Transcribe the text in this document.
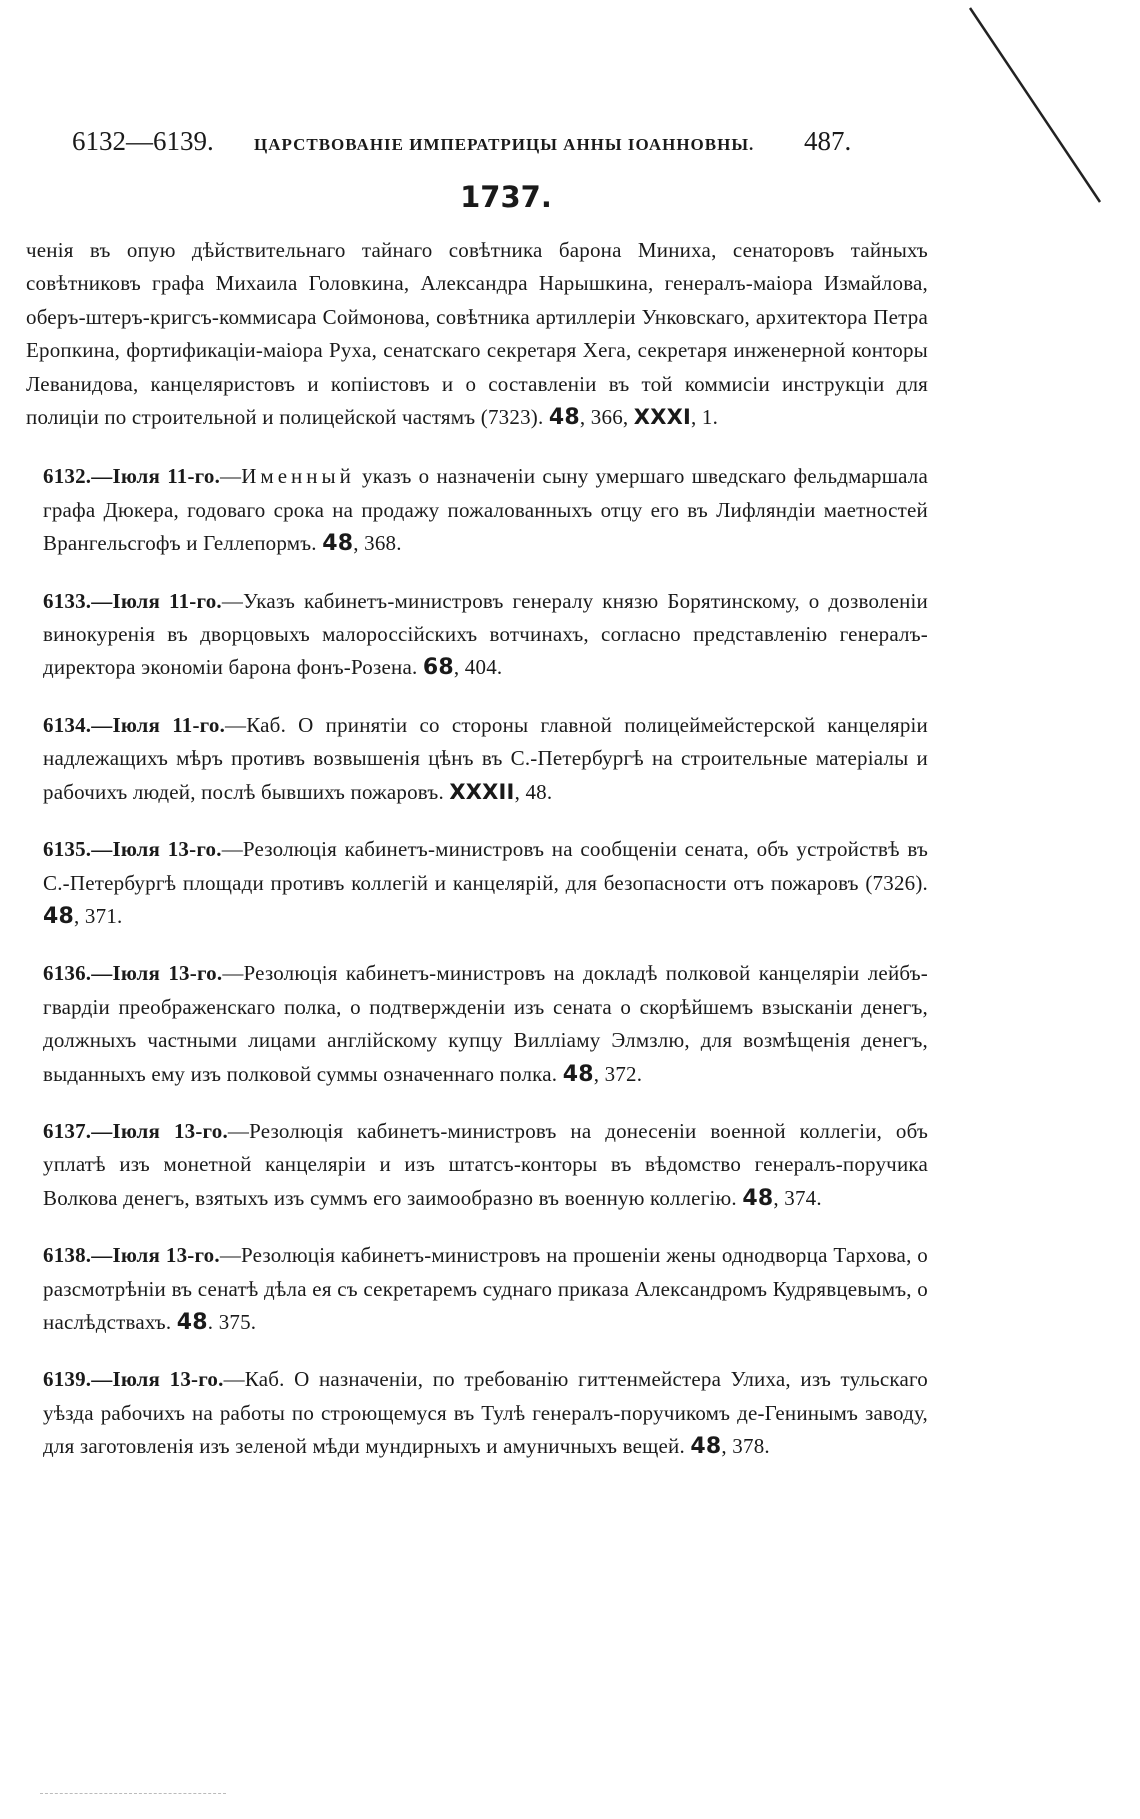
6132—6139. ЦАРСТВОВАНІЕ ИМПЕРАТРИЦЫ АННЫ ІОАННОВНЫ. 487.
1737.

ченія въ опую дѣйствительнаго тайнаго совѣтника барона Миниха, сенаторовъ тайныхъ совѣтниковъ графа Михаила Головкина, Александра Нарышкина, генералъ-маіора Измайлова, оберъ-штеръ-кригсъ-коммисара Соймонова, совѣтника артиллеріи Унковскаго, архитектора Петра Еропкина, фортификаціи-маіора Руха, сенатскаго секретаря Хега, секретаря инженерной конторы Леванидова, канцеляристовъ и копіистовъ и о составленіи въ той коммисіи инструкціи для полиціи по строительной и полицейской частямъ (7323). 48, 366, XXXI, 1.

6132.—Іюля 11-го.—Именный указъ о назначеніи сыну умершаго шведскаго фельдмаршала графа Дюкера, годоваго срока на продажу пожалованныхъ отцу его въ Лифляндіи маетностей Врангельсгофъ и Геллепормъ. 48, 368.

6133.—Іюля 11-го.—Указъ кабинетъ-министровъ генералу князю Борятинскому, о дозволеніи винокуренія въ дворцовыхъ малороссійскихъ вотчинахъ, согласно представленію генералъ-директора экономіи барона фонъ-Розена. 68, 404.

6134.—Іюля 11-го.—Каб. О принятіи со стороны главной полицеймейстерской канцеляріи надлежащихъ мѣръ противъ возвышенія цѣнъ въ С.-Петербургѣ на строительные матеріалы и рабочихъ людей, послѣ бывшихъ пожаровъ. XXXII, 48.

6135.—Іюля 13-го.—Резолюція кабинетъ-министровъ на сообщеніи сената, объ устройствѣ въ С.-Петербургѣ площади противъ коллегій и канцелярій, для безопасности отъ пожаровъ (7326). 48, 371.

6136.—Іюля 13-го.—Резолюція кабинетъ-министровъ на докладѣ полковой канцеляріи лейбъ-гвардіи преображенскаго полка, о подтвержденіи изъ сената о скорѣйшемъ взысканіи денегъ, должныхъ частными лицами англійскому купцу Вилліаму Элмзлю, для возмѣщенія денегъ, выданныхъ ему изъ полковой суммы означеннаго полка. 48, 372.

6137.—Іюля 13-го.—Резолюція кабинетъ-министровъ на донесеніи военной коллегіи, объ уплатѣ изъ монетной канцеляріи и изъ штатсъ-конторы въ вѣдомство генералъ-поручика Волкова денегъ, взятыхъ изъ суммъ его заимообразно въ военную коллегію. 48, 374.

6138.—Іюля 13-го.—Резолюція кабинетъ-министровъ на прошеніи жены однодворца Тархова, о разсмотрѣніи въ сенатѣ дѣла ея съ секретаремъ суднаго приказа Александромъ Кудрявцевымъ, о наслѣдствахъ. 48. 375.

6139.—Іюля 13-го.—Каб. О назначеніи, по требованію гиттенмейстера Улиха, изъ тульскаго уѣзда рабочихъ на работы по строющемуся въ Тулѣ генералъ-поручикомъ де-Генинымъ заводу, для заготовленія изъ зеленой мѣди мундирныхъ и амуничныхъ вещей. 48, 378.
